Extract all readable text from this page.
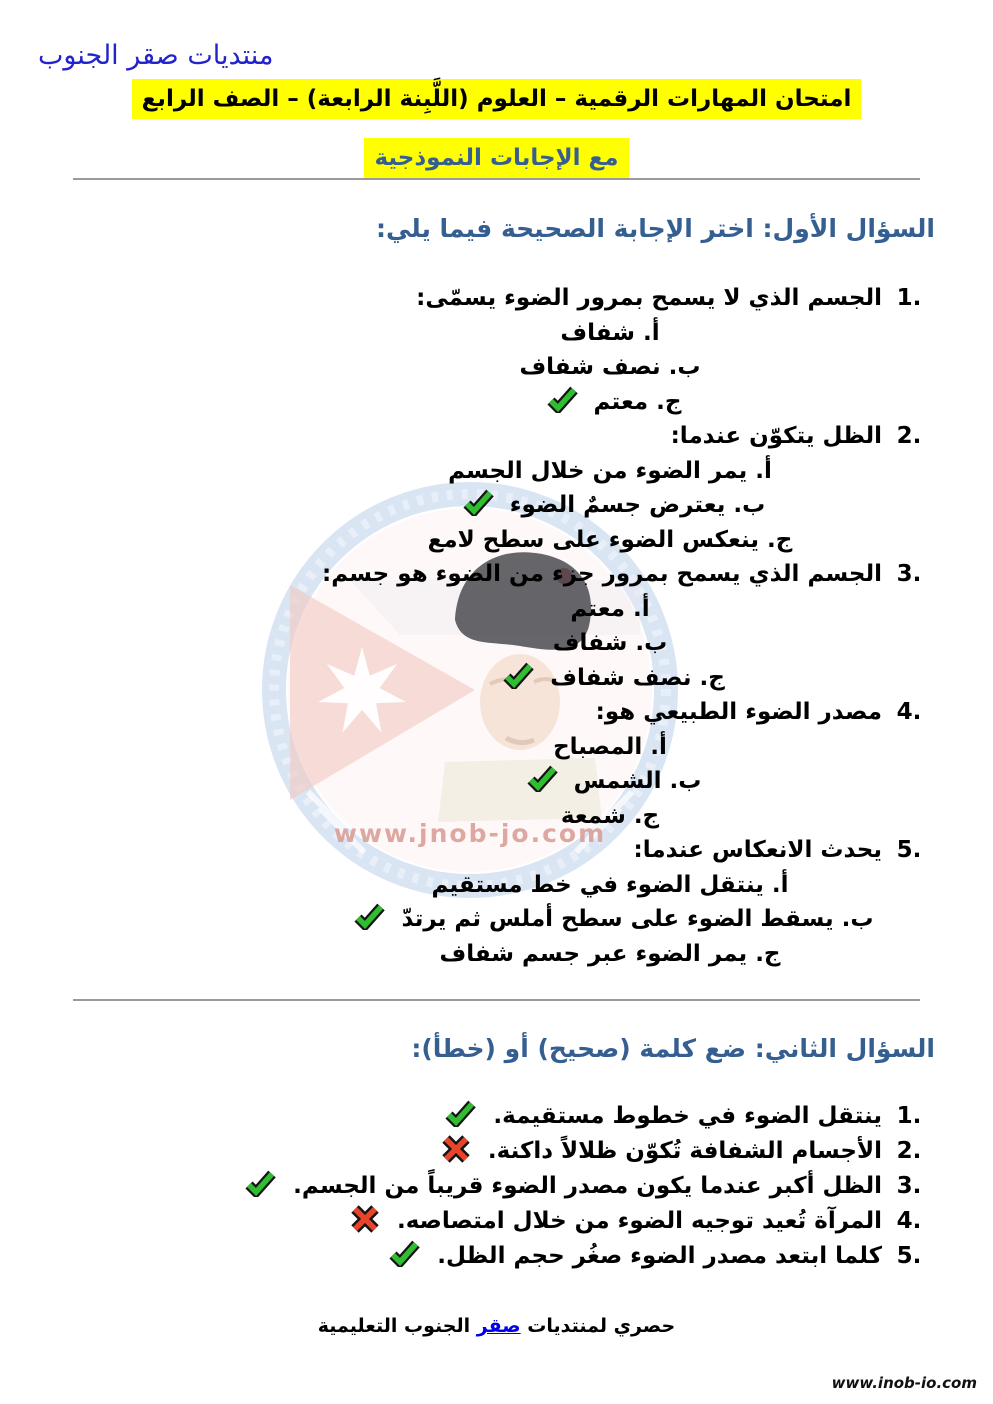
www.jnob-jo.com
منتديات صقر الجنوب
امتحان المهارات الرقمية – العلوم (اللَّبِنة الرابعة) – الصف الرابع
مع الإجابات النموذجية
السؤال الأول: اختر الإجابة الصحيحة فيما يلي:
1.
الجسم الذي لا يسمح بمرور الضوء يسمّى:
أ. شفاف
ب. نصف شفاف
ج. معتم
2.
الظل يتكوّن عندما:
أ. يمر الضوء من خلال الجسم
ب. يعترض جسمٌ الضوء
ج. ينعكس الضوء على سطح لامع
3.
الجسم الذي يسمح بمرور جزء من الضوء هو جسم:
أ. معتم
ب. شفاف
ج. نصف شفاف
4.
مصدر الضوء الطبيعي هو:
أ. المصباح
ب. الشمس
ج. شمعة
5.
يحدث الانعكاس عندما:
أ. ينتقل الضوء في خط مستقيم
ب. يسقط الضوء على سطح أملس ثم يرتدّ
ج. يمر الضوء عبر جسم شفاف
السؤال الثاني: ضع كلمة (صحيح) أو (خطأ):
1.
ينتقل الضوء في خطوط مستقيمة.
2.
الأجسام الشفافة تُكوّن ظلالاً داكنة.
3.
الظل أكبر عندما يكون مصدر الضوء قريباً من الجسم.
4.
المرآة تُعيد توجيه الضوء من خلال امتصاصه.
5.
كلما ابتعد مصدر الضوء صغُر حجم الظل.
حصري لمنتديات صقر الجنوب التعليمية
www.inob-io.com
